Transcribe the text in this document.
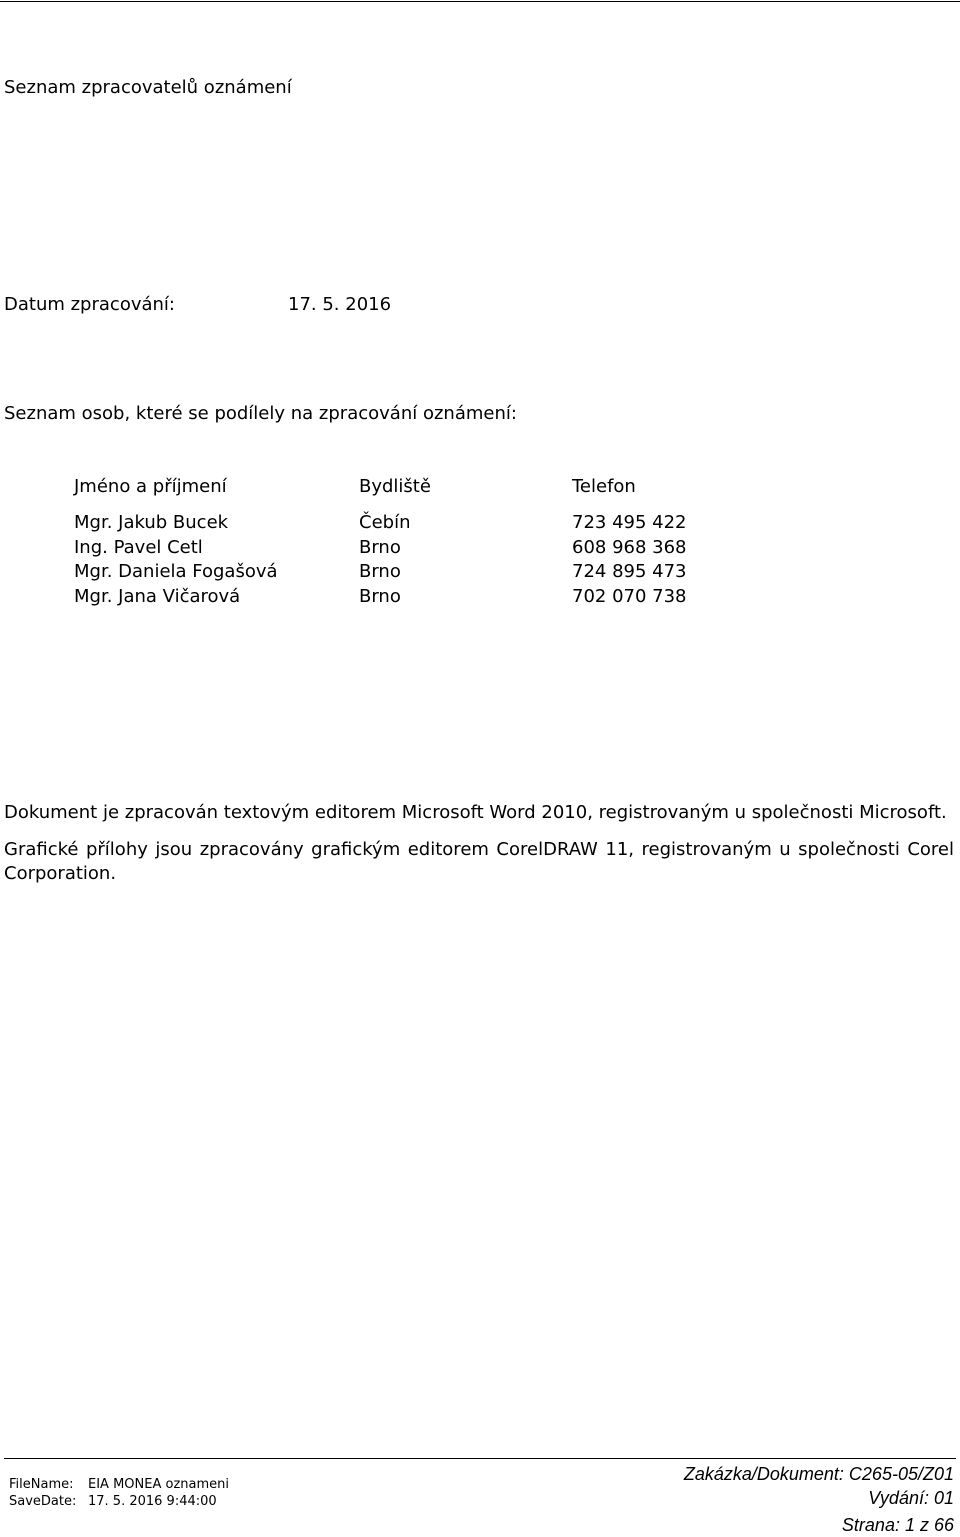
Seznam zpracovatelů oznámení
Datum zpracování:	17. 5. 2016
Seznam osob, které se podílely na zpracování oznámení:
Jméno a příjmení	Bydliště	Telefon
Mgr. Jakub Bucek	Čebín	723 495 422
Ing. Pavel Cetl	Brno	608 968 368
Mgr. Daniela Fogašová	Brno	724 895 473
Mgr. Jana Vičarová	Brno	702 070 738
Dokument je zpracován textovým editorem Microsoft Word 2010, registrovaným u společnosti Microsoft.
Grafické přílohy jsou zpracovány grafickým editorem CorelDRAW 11, registrovaným u společnosti Corel Corporation.
FileName: EIA MONEA oznameni
SaveDate: 17. 5. 2016 9:44:00
Zakázka/Dokument: C265-05/Z01
Vydání: 01
Strana: 1 z 66
